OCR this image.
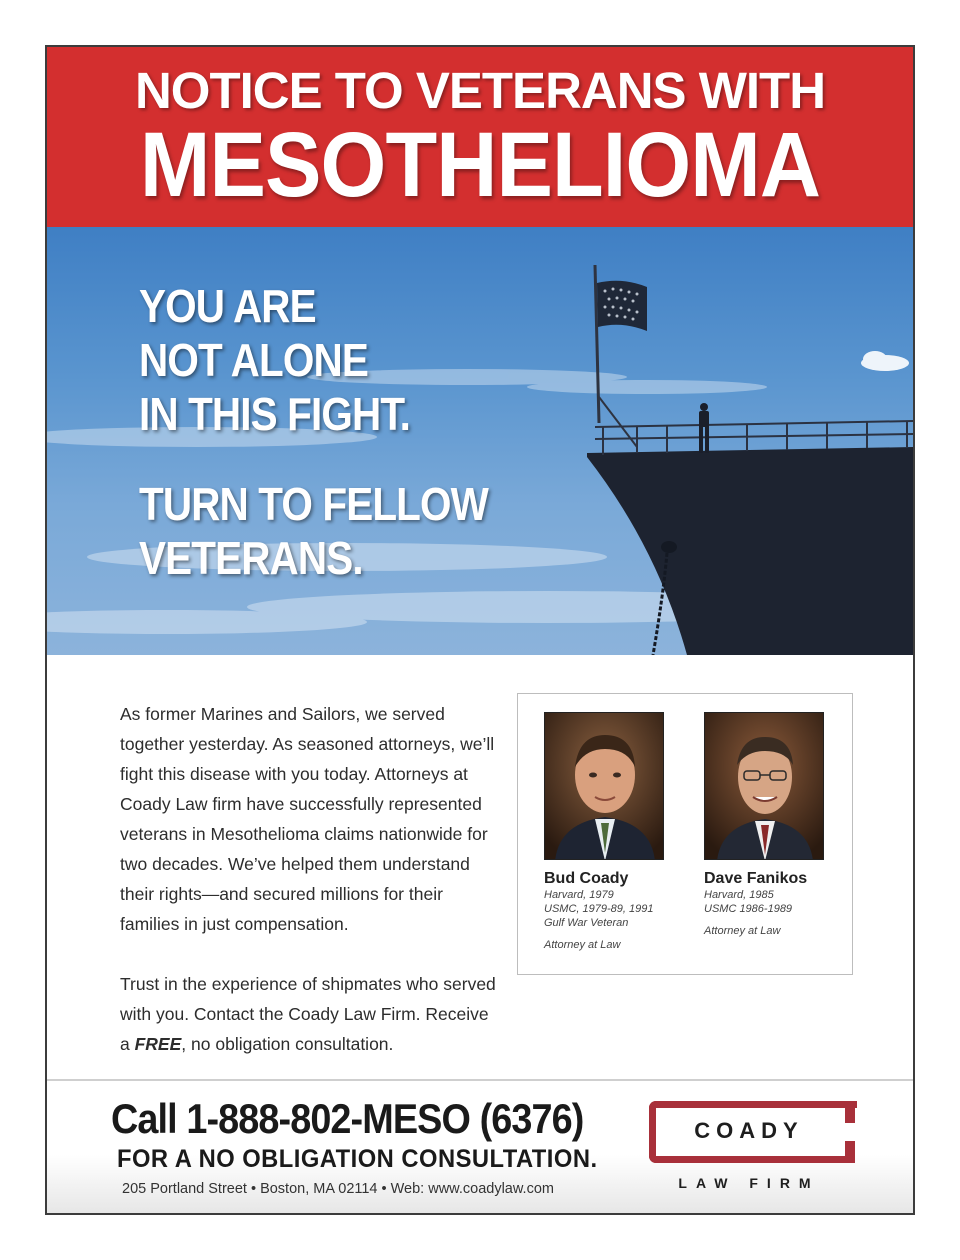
NOTICE TO VETERANS WITH
MESOTHELIOMA
YOU ARE
NOT ALONE
IN THIS FIGHT.
TURN TO FELLOW
VETERANS.

As former Marines and Sailors, we served together yesterday. As seasoned attorneys, we’ll fight this disease with you today. Attorneys at Coady Law firm have successfully represented veterans in Mesothelioma claims nationwide for two decades. We’ve helped them understand their rights—and secured millions for their families in just compensation.

Trust in the experience of shipmates who served with you. Contact the Coady Law Firm. Receive a FREE, no obligation consultation.

Bud Coady
Harvard, 1979
USMC, 1979-89, 1991
Gulf War Veteran
Attorney at Law
Dave Fanikos
Harvard, 1985
USMC 1986-1989
Attorney at Law
Call 1-888-802-MESO (6376)
FOR A NO OBLIGATION CONSULTATION.
205 Portland Street • Boston, MA 02114 • Web: www.coadylaw.com
COADY
LAW FIRM
